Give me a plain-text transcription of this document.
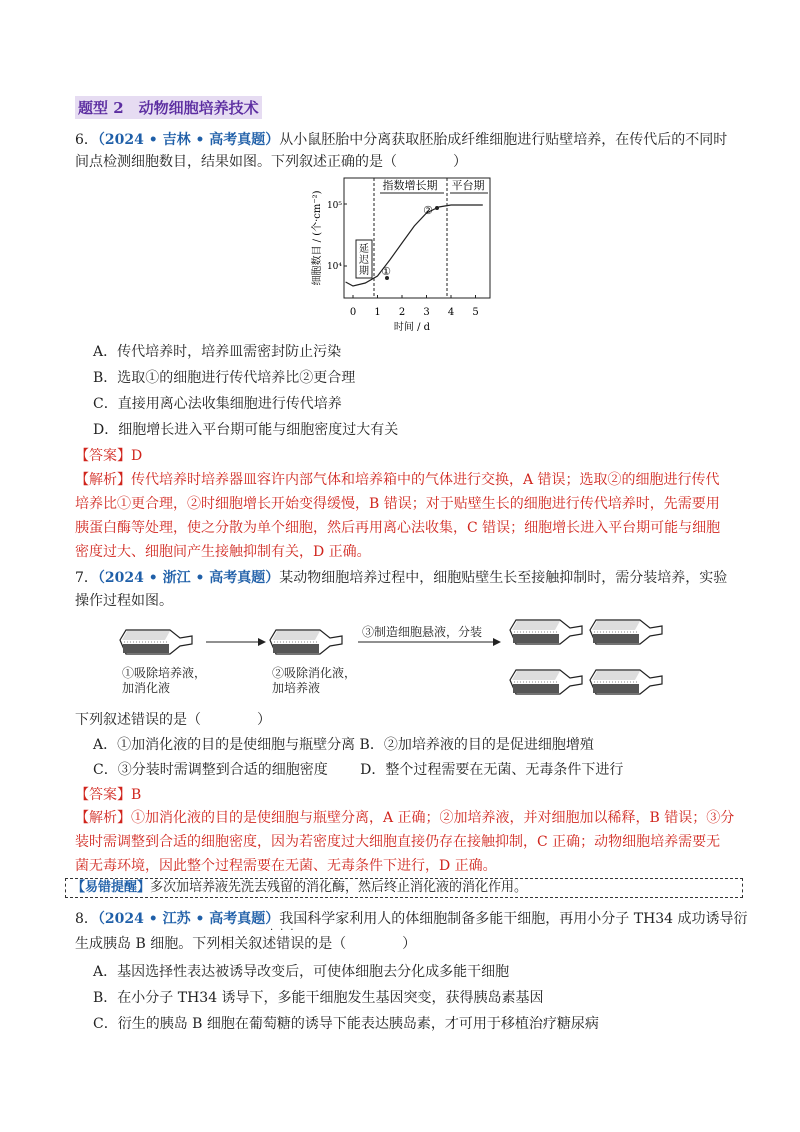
题型 2　动物细胞培养技术
6．（2024 • 吉林 • 高考真题）从小鼠胚胎中分离获取胚胎成纤维细胞进行贴壁培养，在传代后的不同时
间点检测细胞数目，结果如图。下列叙述正确的是（　　　　）
指数增长期 平台期
延迟期
10⁵
10⁴
细胞数目 / (个·cm⁻²)
0 1 2 3 4 5
时间 / d
①
②
A．传代培养时，培养皿需密封防止污染
B．选取①的细胞进行传代培养比②更合理
C．直接用离心法收集细胞进行传代培养
D．细胞增长进入平台期可能与细胞密度过大有关
【答案】D
【解析】传代培养时培养器皿容许内部气体和培养箱中的气体进行交换，A 错误；选取②的细胞进行传代
培养比①更合理，②时细胞增长开始变得缓慢，B 错误；对于贴壁生长的细胞进行传代培养时，先需要用
胰蛋白酶等处理，使之分散为单个细胞，然后再用离心法收集，C 错误；细胞增长进入平台期可能与细胞
密度过大、细胞间产生接触抑制有关，D 正确。
7．（2024 • 浙江 • 高考真题）某动物细胞培养过程中，细胞贴壁生长至接触抑制时，需分装培养，实验
操作过程如图。
①吸除培养液，
加消化液
②吸除消化液，
加培养液
③制造细胞悬液，分装
下列叙述错误的是（　　　　）
A．①加消化液的目的是使细胞与瓶壁分离 B．②加培养液的目的是促进细胞增殖
C．③分装时需调整到合适的细胞密度　　 D．整个过程需要在无菌、无毒条件下进行
【答案】B
【解析】①加消化液的目的是使细胞与瓶壁分离，A 正确；②加培养液，并对细胞加以稀释，B 错误；③分
装时需调整到合适的细胞密度，因为若密度过大细胞直接仍存在接触抑制，C 正确；动物细胞培养需要无
菌无毒环境，因此整个过程需要在无菌、无毒条件下进行，D 正确。
【易错提醒】多次加培养液先洗去残留的消化酶，然后终止消化液的消化作用。
8．（2024 • 江苏 • 高考真题）我国科学家利用人的体细胞制备多能干细胞，再用小分子 TH34 成功诱导衍
···
生成胰岛 B 细胞。下列相关叙述错误的是（　　　　）
A．基因选择性表达被诱导改变后，可使体细胞去分化成多能干细胞
B．在小分子 TH34 诱导下，多能干细胞发生基因突变，获得胰岛素基因
C．衍生的胰岛 B 细胞在葡萄糖的诱导下能表达胰岛素，才可用于移植治疗糖尿病
